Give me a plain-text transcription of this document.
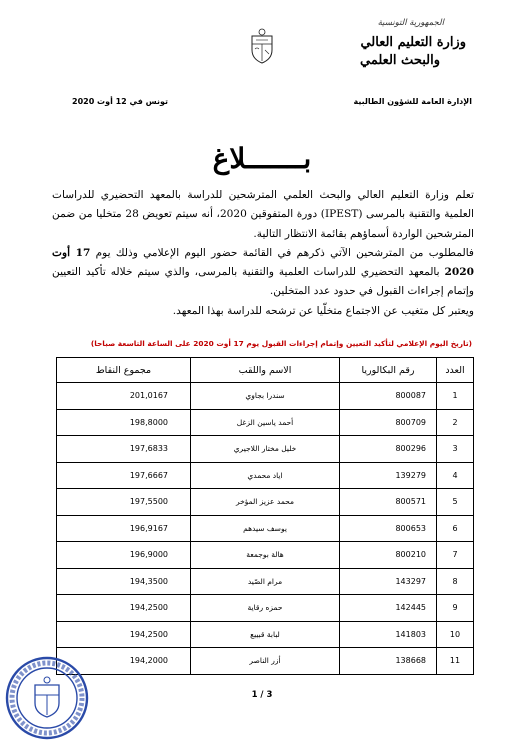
الجمهورية التونسية
وزارة التعليم العالي
والبحث العلمي
الإدارة العامة للشؤون الطالبية
تونس في 12 أوت 2020
بـــــــلاغ

تعلم وزارة التعليم العالي والبحث العلمي المترشحين للدراسة بالمعهد التحضيري للدراسات العلمية والتقنية بالمرسى (IPEST) دورة المتفوقين 2020، أنه سيتم تعويض 28 متخليا من ضمن المترشحين الواردة أسماؤهم بقائمة الانتظار التالية.

فالمطلوب من المترشحين الآتي ذكرهم في القائمة حضور اليوم الإعلامي وذلك يوم 17 أوت 2020 بالمعهد التحضيري للدراسات العلمية والتقنية بالمرسى، والذي سيتم خلاله تأكيد التعيين وإتمام إجراءات القبول في حدود عدد المتخلين.

ويعتبر كل متغيب عن الاجتماع متخلّيا عن ترشحه للدراسة بهذا المعهد.

(تاريخ اليوم الإعلامي لتأكيد التعيين وإتمام إجراءات القبول يوم 17 أوت 2020 على الساعة التاسعة صباحا)
العدد	رقم البكالوريا	الاسم واللقب	مجموع النقاط
1	800087	سندرا بجاوي	201,0167
2	800709	أحمد ياسين الزغل	198,8000
3	800296	خليل مختار اللاجيري	197,6833
4	139279	اياد محمدي	197,6667
5	800571	محمد عزيز المؤخر	197,5500
6	800653	يوسف سيدهم	196,9167
7	800210	هالة بوجمعة	196,9000
8	143297	مرام الصّيد	194,3500
9	142445	حمزه رقاية	194,2500
10	141803	لبابة قبيبع	194,2500
11	138668	أزر الناصر	194,2000
1 / 3
